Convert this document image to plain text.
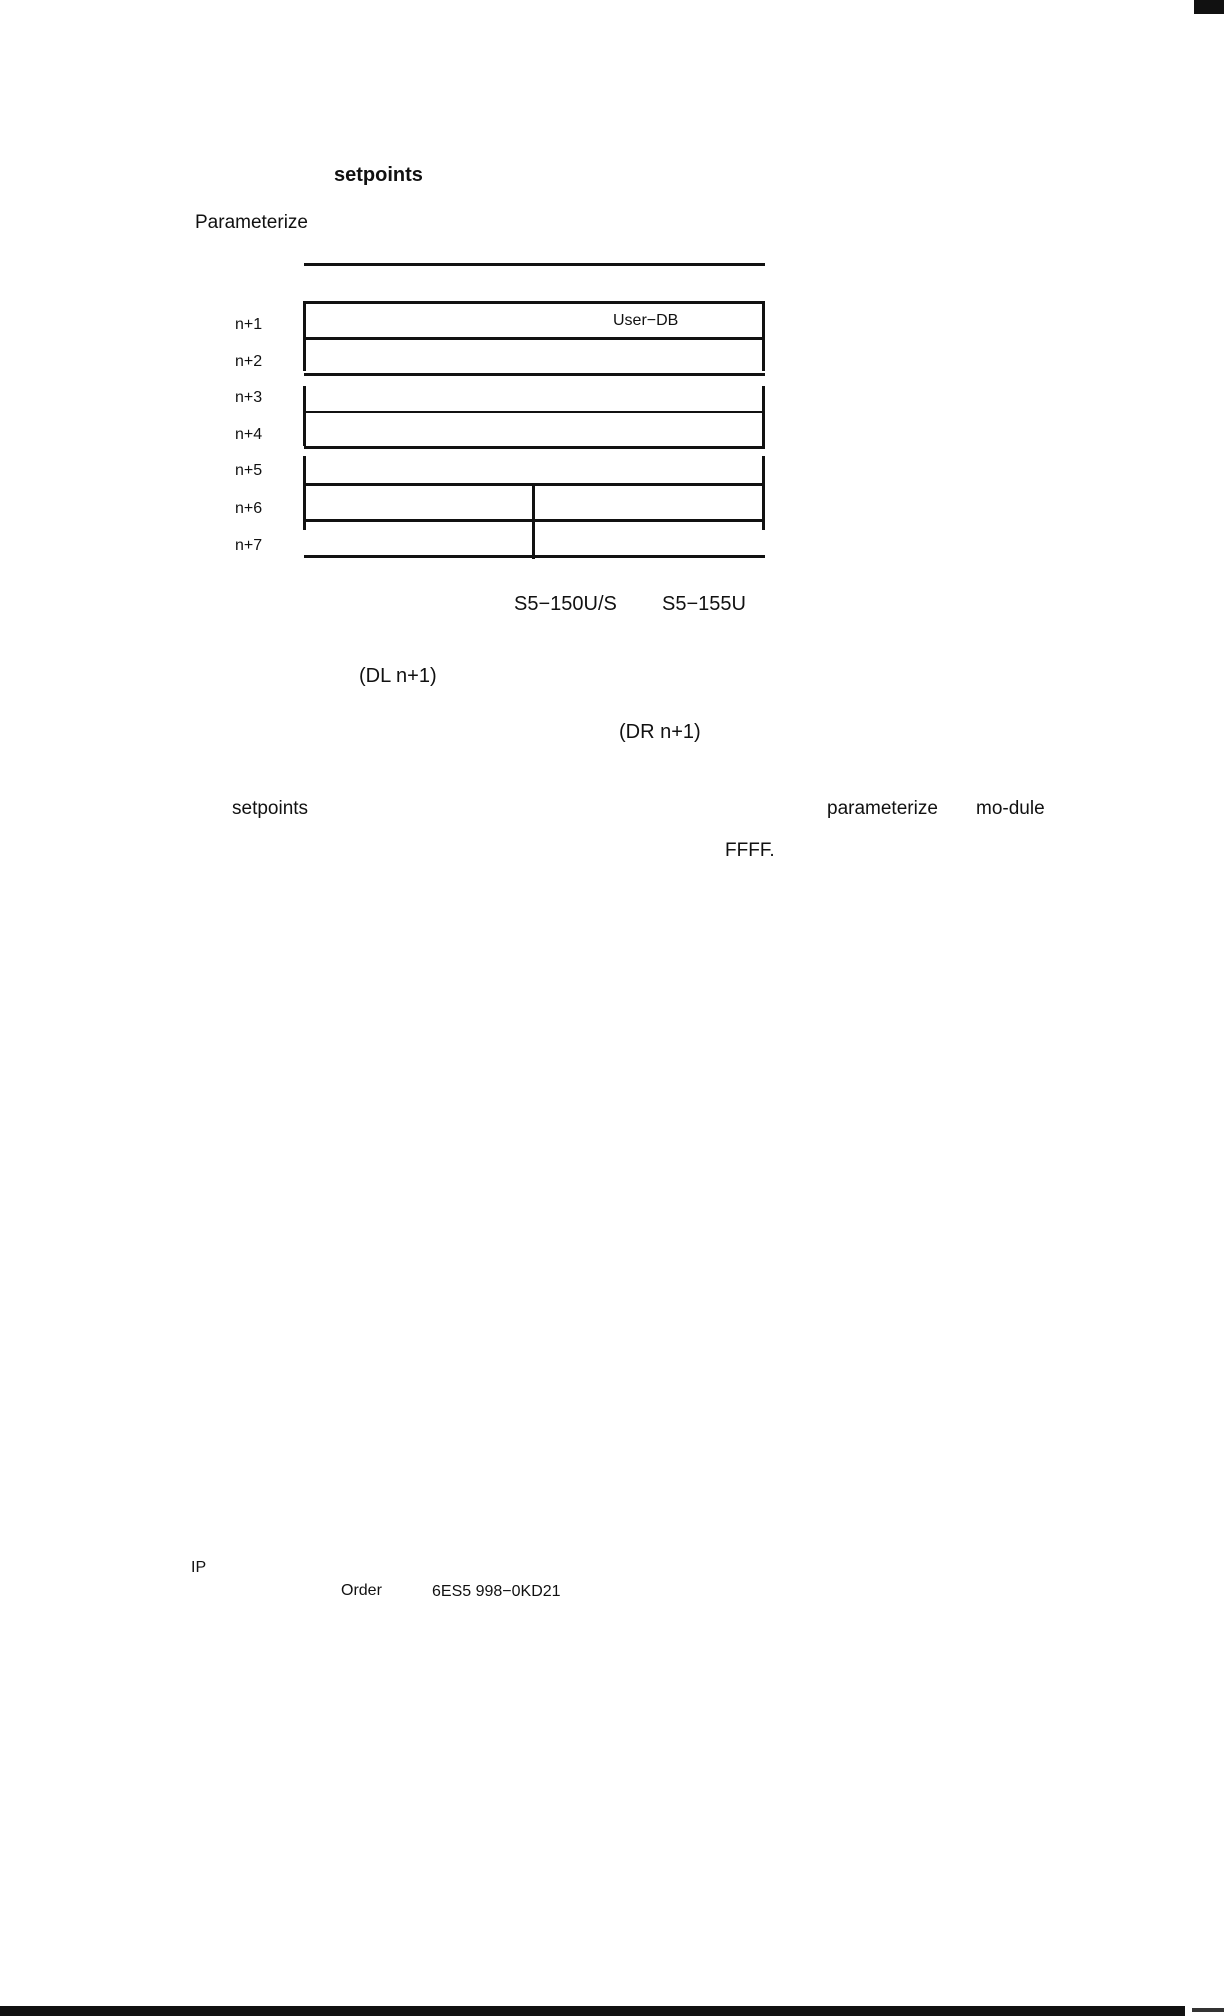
setpoints
Parameterize
n+1
n+2
n+3
n+4
n+5
n+6
n+7
User−DB
S5−150U/S S5−155U
(DL n+1)
(DR n+1)
setpoints	parameterize mo-dule
FFFF.
IP
Order	6ES5 998−0KD21
